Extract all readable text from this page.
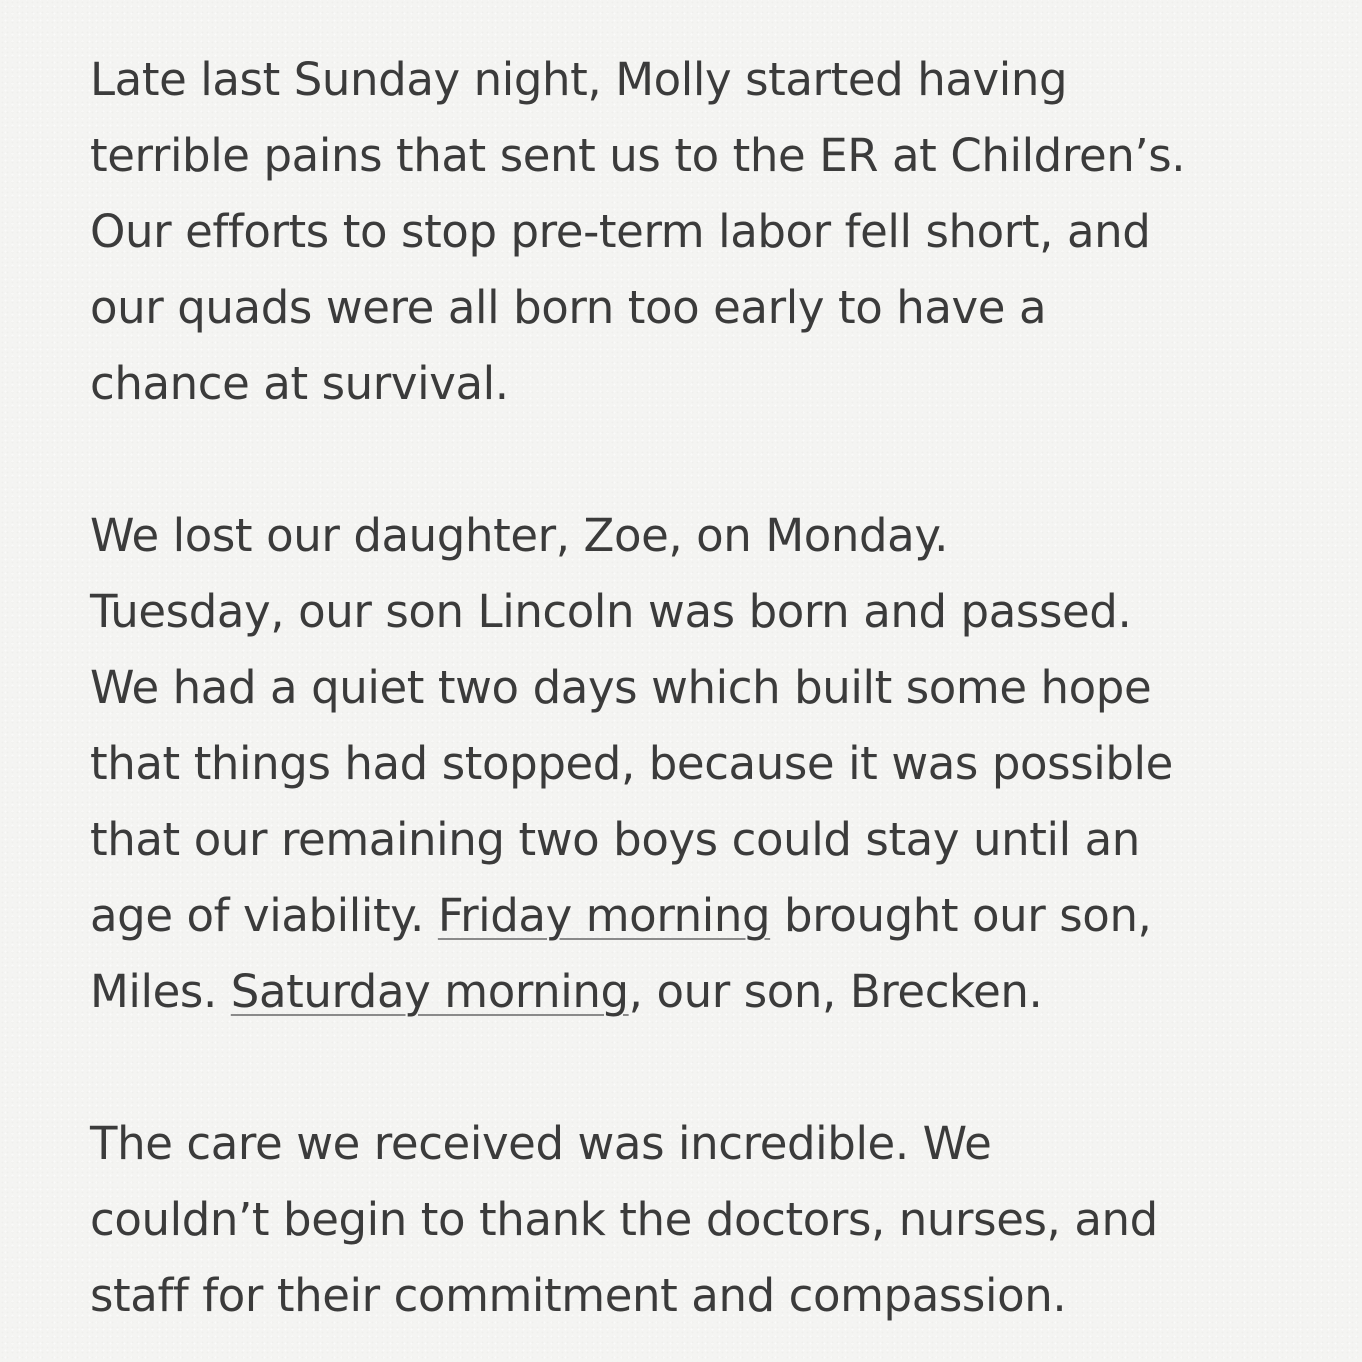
Late last Sunday night, Molly started having
terrible pains that sent us to the ER at Children’s.
Our efforts to stop pre-term labor fell short, and
our quads were all born too early to have a
chance at survival.
We lost our daughter, Zoe, on Monday.
Tuesday, our son Lincoln was born and passed.
We had a quiet two days which built some hope
that things had stopped, because it was possible
that our remaining two boys could stay until an
age of viability. Friday morning brought our son,
Miles. Saturday morning, our son, Brecken.
The care we received was incredible. We
couldn’t begin to thank the doctors, nurses, and
staff for their commitment and compassion.
